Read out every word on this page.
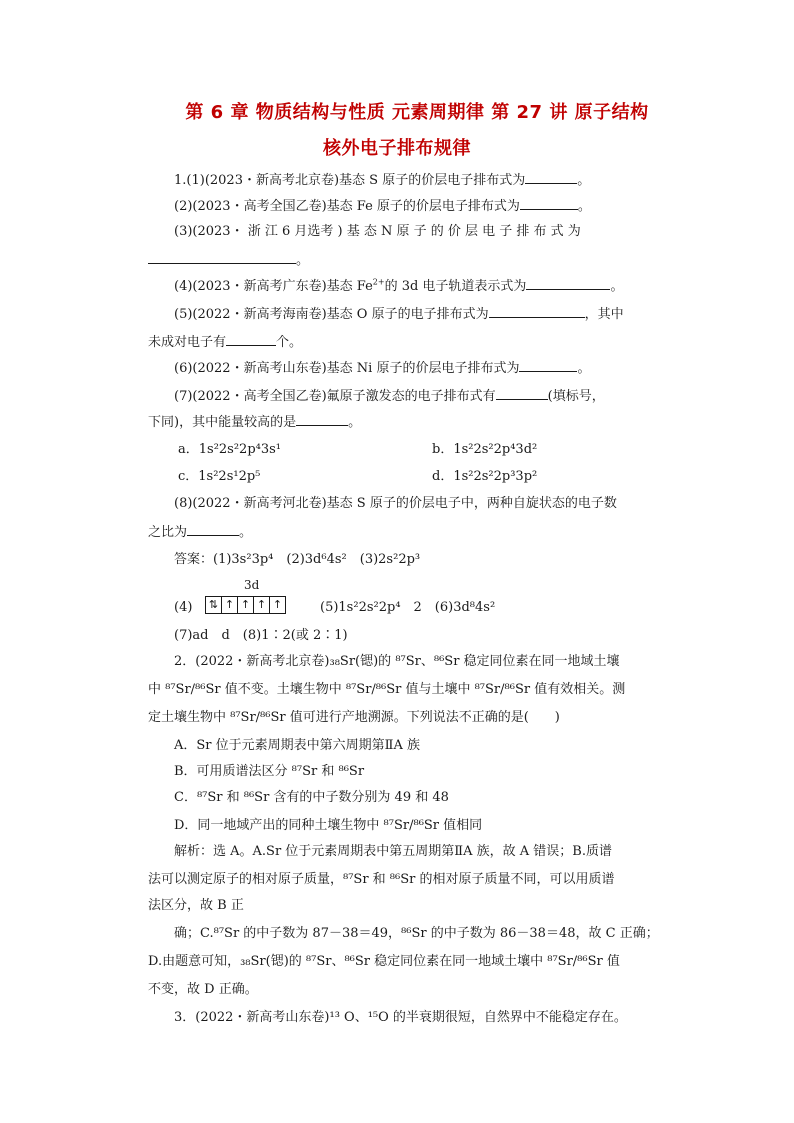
第 6 章 物质结构与性质 元素周期律 第 27 讲 原子结构
核外电子排布规律
1.(1)(2023・新高考北京卷)基态 S 原子的价层电子排布式为	。
(2)(2023・高考全国乙卷)基态 Fe 原子的价层电子排布式为	。
(3)(2023・ 浙 江 6 月选考 ) 基 态 N 原 子 的 价 层 电 子 排 布 式 为
。
(4)(2023・新高考广东卷)基态 $Fe^{2+}$的 3d 电子轨道表示式为	。
(5)(2022・新高考海南卷)基态 O 原子的电子排布式为	，其中
未成对电子有	个。
(6)(2022・新高考山东卷)基态 Ni 原子的价层电子排布式为	。
(7)(2022・高考全国乙卷)氟原子激发态的电子排布式有	(填标号，
下同)，其中能量较高的是	。
a．1s²2s²2p⁴3s¹	b．1s²2s²2p⁴3d²
c．1s²2s¹2p⁵	d．1s²2s²2p³3p²
(8)(2022・新高考河北卷)基态 S 原子的价层电子中，两种自旋状态的电子数
之比为	。
答案：(1)3s²3p⁴　(2)3d⁶4s²　(3)2s²2p³
3d
(4) ⇅ ↑ ↑ ↑ ↑	(5)1s²2s²2p⁴　2　(6)3d⁸4s²
(7)ad　d　(8)1∶2(或 2∶1)
2．(2022・新高考北京卷)₃₈Sr(锶)的 ⁸⁷Sr、⁸⁶Sr 稳定同位素在同一地域土壤
中 ⁸⁷Sr/⁸⁶Sr 值不变。土壤生物中 ⁸⁷Sr/⁸⁶Sr 值与土壤中 ⁸⁷Sr/⁸⁶Sr 值有效相关。测
定土壤生物中 ⁸⁷Sr/⁸⁶Sr 值可进行产地溯源。下列说法不正确的是(　　)
A．Sr 位于元素周期表中第六周期第ⅡA 族
B．可用质谱法区分 ⁸⁷Sr 和 ⁸⁶Sr
C．⁸⁷Sr 和 ⁸⁶Sr 含有的中子数分别为 49 和 48
D．同一地域产出的同种土壤生物中 ⁸⁷Sr/⁸⁶Sr 值相同
解析：选 A。A.Sr 位于元素周期表中第五周期第ⅡA 族，故 A 错误；B.质谱
法可以测定原子的相对原子质量，⁸⁷Sr 和 ⁸⁶Sr 的相对原子质量不同，可以用质谱
法区分，故 B 正
确；C.⁸⁷Sr 的中子数为 87－38＝49，⁸⁶Sr 的中子数为 86－38＝48，故 C 正确；
D.由题意可知，₃₈Sr(锶)的 ⁸⁷Sr、⁸⁶Sr 稳定同位素在同一地域土壤中 ⁸⁷Sr/⁸⁶Sr 值
不变，故 D 正确。
3．(2022・新高考山东卷)¹³ O、¹⁵O 的半衰期很短，自然界中不能稳定存在。
